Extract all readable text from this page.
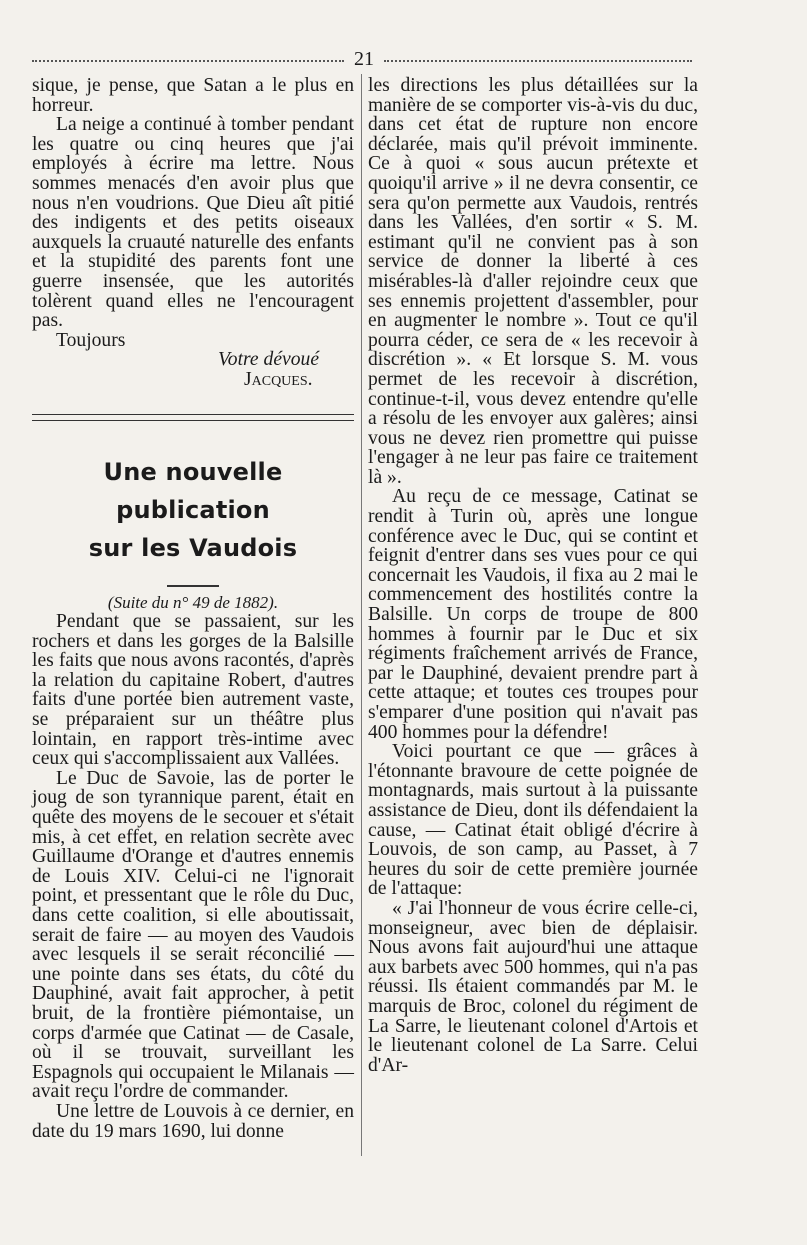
21

sique, je pense, que Satan a le plus en horreur.

La neige a continué à tomber pendant les quatre ou cinq heures que j'ai employés à écrire ma lettre. Nous sommes menacés d'en avoir plus que nous n'en voudrions. Que Dieu aît pitié des indigents et des petits oiseaux auxquels la cruauté naturelle des enfants et la stupidité des parents font une guerre insensée, que les autorités tolèrent quand elles ne l'encouragent pas.

Toujours

Votre dévoué

Jacques.

Une nouvelle publication

sur les Vaudois

(Suite du n° 49 de 1882).

Pendant que se passaient, sur les rochers et dans les gorges de la Balsille les faits que nous avons racontés, d'après la relation du capitaine Robert, d'autres faits d'une portée bien autrement vaste, se préparaient sur un théâtre plus lointain, en rapport très-intime avec ceux qui s'accomplissaient aux Vallées.

Le Duc de Savoie, las de porter le joug de son tyrannique parent, était en quête des moyens de le secouer et s'était mis, à cet effet, en relation secrète avec Guillaume d'Orange et d'autres ennemis de Louis XIV. Celui-ci ne l'ignorait point, et pressentant que le rôle du Duc, dans cette coalition, si elle aboutissait, serait de faire — au moyen des Vaudois avec lesquels il se serait réconcilié — une pointe dans ses états, du côté du Dauphiné, avait fait approcher, à petit bruit, de la frontière piémontaise, un corps d'armée que Catinat — de Casale, où il se trouvait, surveillant les Espagnols qui occupaient le Milanais — avait reçu l'ordre de commander.

Une lettre de Louvois à ce dernier, en date du 19 mars 1690, lui donne

les directions les plus détaillées sur la manière de se comporter vis-à-vis du duc, dans cet état de rupture non encore déclarée, mais qu'il prévoit imminente. Ce à quoi « sous aucun prétexte et quoiqu'il arrive » il ne devra consentir, ce sera qu'on permette aux Vaudois, rentrés dans les Vallées, d'en sortir « S. M. estimant qu'il ne convient pas à son service de donner la liberté à ces misérables-là d'aller rejoindre ceux que ses ennemis projettent d'assembler, pour en augmenter le nombre ». Tout ce qu'il pourra céder, ce sera de « les recevoir à discrétion ». « Et lorsque S. M. vous permet de les recevoir à discrétion, continue-t-il, vous devez entendre qu'elle a résolu de les envoyer aux galères; ainsi vous ne devez rien promettre qui puisse l'engager à ne leur pas faire ce traitement là ».

Au reçu de ce message, Catinat se rendit à Turin où, après une longue conférence avec le Duc, qui se contint et feignit d'entrer dans ses vues pour ce qui concernait les Vaudois, il fixa au 2 mai le commencement des hostilités contre la Balsille. Un corps de troupe de 800 hommes à fournir par le Duc et six régiments fraîchement arrivés de France, par le Dauphiné, devaient prendre part à cette attaque; et toutes ces troupes pour s'emparer d'une position qui n'avait pas 400 hommes pour la défendre!

Voici pourtant ce que — grâces à l'étonnante bravoure de cette poignée de montagnards, mais surtout à la puissante assistance de Dieu, dont ils défendaient la cause, — Catinat était obligé d'écrire à Louvois, de son camp, au Passet, à 7 heures du soir de cette première journée de l'attaque:

« J'ai l'honneur de vous écrire celle-ci, monseigneur, avec bien de déplaisir. Nous avons fait aujourd'hui une attaque aux barbets avec 500 hommes, qui n'a pas réussi. Ils étaient commandés par M. le marquis de Broc, colonel du régiment de La Sarre, le lieutenant colonel d'Artois et le lieutenant colonel de La Sarre. Celui d'Ar-
